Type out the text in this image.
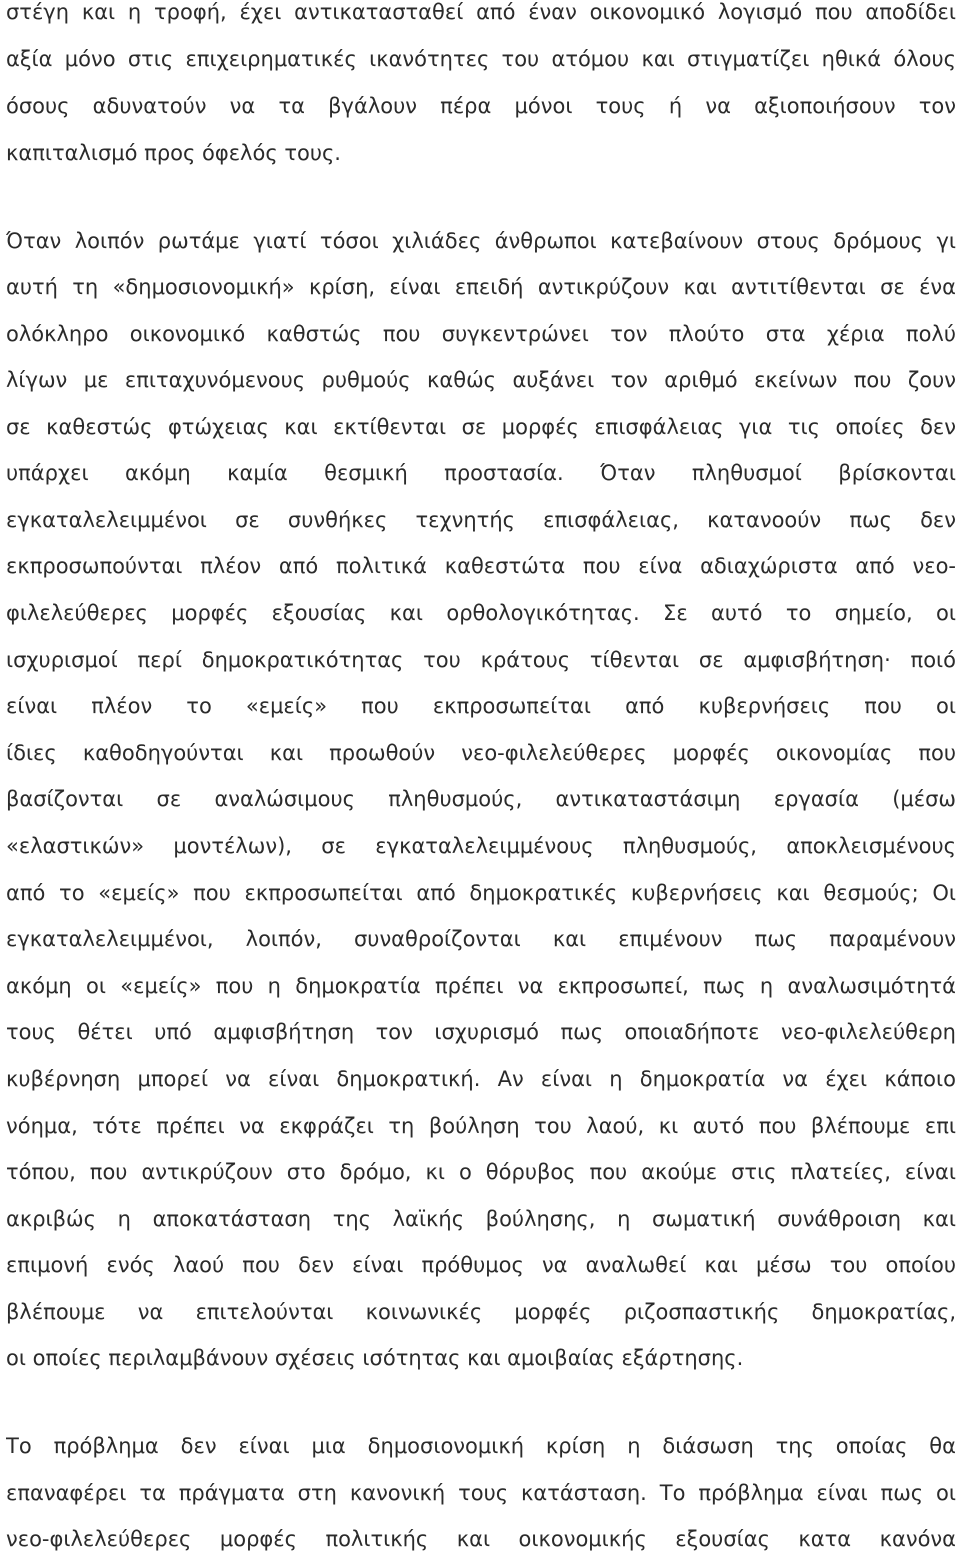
στέγη και η τροφή, έχει αντικατασταθεί από έναν οικονομικό λογισμό που αποδίδει
αξία μόνο στις επιχειρηματικές ικανότητες του ατόμου και στιγματίζει ηθικά όλους
όσους αδυνατούν να τα βγάλουν πέρα μόνοι τους ή να αξιοποιήσουν τον
καπιταλισμό προς όφελός τους.
Όταν λοιπόν ρωτάμε γιατί τόσοι χιλιάδες άνθρωποι κατεβαίνουν στους δρόμους γι
αυτή τη «δημοσιονομική» κρίση, είναι επειδή αντικρύζουν και αντιτίθενται σε ένα
ολόκληρο οικονομικό καθστώς που συγκεντρώνει τον πλούτο στα χέρια πολύ
λίγων με επιταχυνόμενους ρυθμούς καθώς αυξάνει τον αριθμό εκείνων που ζουν
σε καθεστώς φτώχειας και εκτίθενται σε μορφές επισφάλειας για τις οποίες δεν
υπάρχει ακόμη καμία θεσμική προστασία. Όταν πληθυσμοί βρίσκονται
εγκαταλελειμμένοι σε συνθήκες τεχνητής επισφάλειας, κατανοούν πως δεν
εκπροσωπούνται πλέον από πολιτικά καθεστώτα που είνα αδιαχώριστα από νεο-
φιλελεύθερες μορφές εξουσίας και ορθολογικότητας. Σε αυτό το σημείο, οι
ισχυρισμοί περί δημοκρατικότητας του κράτους τίθενται σε αμφισβήτηση· ποιό
είναι πλέον το «εμείς» που εκπροσωπείται από κυβερνήσεις που οι
ίδιες καθοδηγούνται και προωθούν νεο-φιλελεύθερες μορφές οικονομίας που
βασίζονται σε αναλώσιμους πληθυσμούς, αντικαταστάσιμη εργασία (μέσω
«ελαστικών» μοντέλων), σε εγκαταλελειμμένους πληθυσμούς, αποκλεισμένους
από το «εμείς» που εκπροσωπείται από δημοκρατικές κυβερνήσεις και θεσμούς; Οι
εγκαταλελειμμένοι, λοιπόν, συναθροίζονται και επιμένουν πως παραμένουν
ακόμη οι «εμείς» που η δημοκρατία πρέπει να εκπροσωπεί, πως η αναλωσιμότητά
τους θέτει υπό αμφισβήτηση τον ισχυρισμό πως οποιαδήποτε νεο-φιλελεύθερη
κυβέρνηση μπορεί να είναι δημοκρατική. Αν είναι η δημοκρατία να έχει κάποιο
νόημα, τότε πρέπει να εκφράζει τη βούληση του λαού, κι αυτό που βλέπουμε επι
τόπου, που αντικρύζουν στο δρόμο, κι ο θόρυβος που ακούμε στις πλατείες, είναι
ακριβώς η αποκατάσταση της λαϊκής βούλησης, η σωματική συνάθροιση και
επιμονή ενός λαού που δεν είναι πρόθυμος να αναλωθεί και μέσω του οποίου
βλέπουμε να επιτελούνται κοινωνικές μορφές ριζοσπαστικής δημοκρατίας,
οι οποίες περιλαμβάνουν σχέσεις ισότητας και αμοιβαίας εξάρτησης.
Το πρόβλημα δεν είναι μια δημοσιονομική κρίση η διάσωση της οποίας θα
επαναφέρει τα πράγματα στη κανονική τους κατάσταση. Το πρόβλημα είναι πως οι
νεο-φιλελεύθερες μορφές πολιτικής και οικονομικής εξουσίας κατα κανόνα
